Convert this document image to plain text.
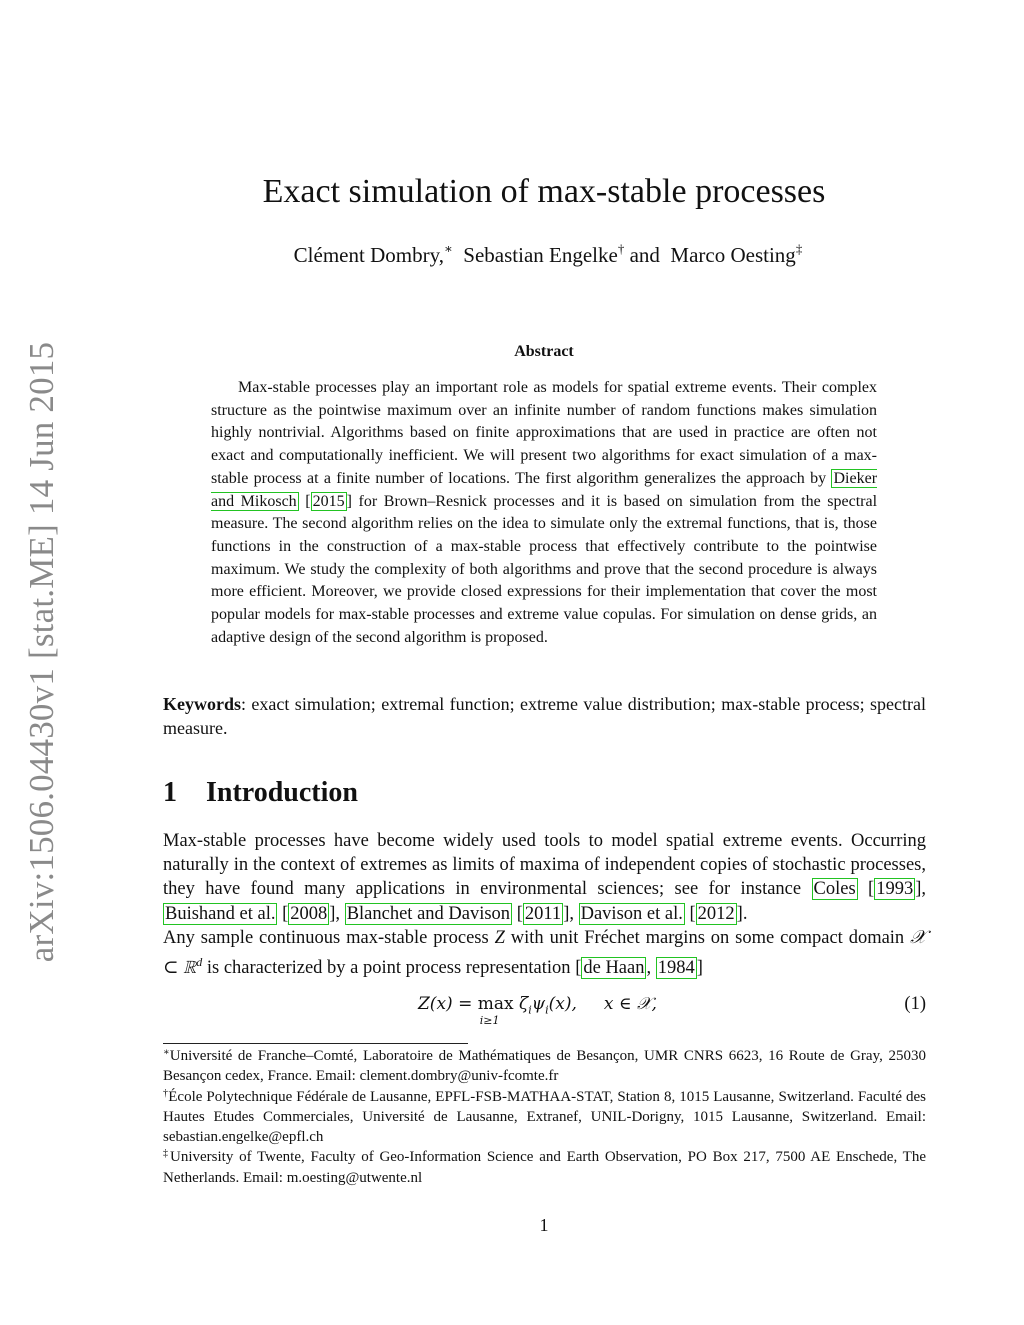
arXiv:1506.04430v1 [stat.ME] 14 Jun 2015
Exact simulation of max-stable processes
Clément Dombry,∗ Sebastian Engelke† and Marco Oesting‡
Abstract

Max-stable processes play an important role as models for spatial extreme events. Their complex structure as the pointwise maximum over an infinite number of random functions makes simulation highly nontrivial. Algorithms based on finite approximations that are used in practice are often not exact and computationally inefficient. We will present two algorithms for exact simulation of a max-stable process at a finite number of locations. The first algorithm generalizes the approach by Dieker and Mikosch [ 2015 ] for Brown–Resnick processes and it is based on simulation from the spectral measure. The second algorithm relies on the idea to simulate only the extremal functions, that is, those functions in the construction of a max-stable process that effectively contribute to the pointwise maximum. We study the complexity of both algorithms and prove that the second procedure is always more efficient. Moreover, we provide closed expressions for their implementation that cover the most popular models for max-stable processes and extreme value copulas. For simulation on dense grids, an adaptive design of the second algorithm is proposed.

Keywords: exact simulation; extremal function; extreme value distribution; max-stable process; spectral measure.

1 Introduction

Max-stable processes have become widely used tools to model spatial extreme events. Occurring naturally in the context of extremes as limits of maxima of independent copies of stochastic processes, they have found many applications in environmental sciences; see for instance Coles [ 1993 ], Buishand et al. [ 2008 ], Blanchet and Davison [ 2011 ], Davison et al. [ 2012 ].
Any sample continuous max-stable process Z with unit Fréchet margins on some compact domain 𝒳 ⊂ ℝ$^d$ is characterized by a point process representation [ de Haan , 1984 ]

Z(x) = max
i≥1
$\zeta_i\psi_i(x)$,     x ∈ 𝒳,	(1)

∗Université de Franche–Comté, Laboratoire de Mathématiques de Besançon, UMR CNRS 6623, 16 Route de Gray, 25030 Besançon cedex, France. Email: clement.dombry@univ-fcomte.fr

†École Polytechnique Fédérale de Lausanne, EPFL-FSB-MATHAA-STAT, Station 8, 1015 Lausanne, Switzerland. Faculté des Hautes Etudes Commerciales, Université de Lausanne, Extranef, UNIL-Dorigny, 1015 Lausanne, Switzerland. Email: sebastian.engelke@epfl.ch

‡University of Twente, Faculty of Geo-Information Science and Earth Observation, PO Box 217, 7500 AE Enschede, The Netherlands. Email: m.oesting@utwente.nl

1
